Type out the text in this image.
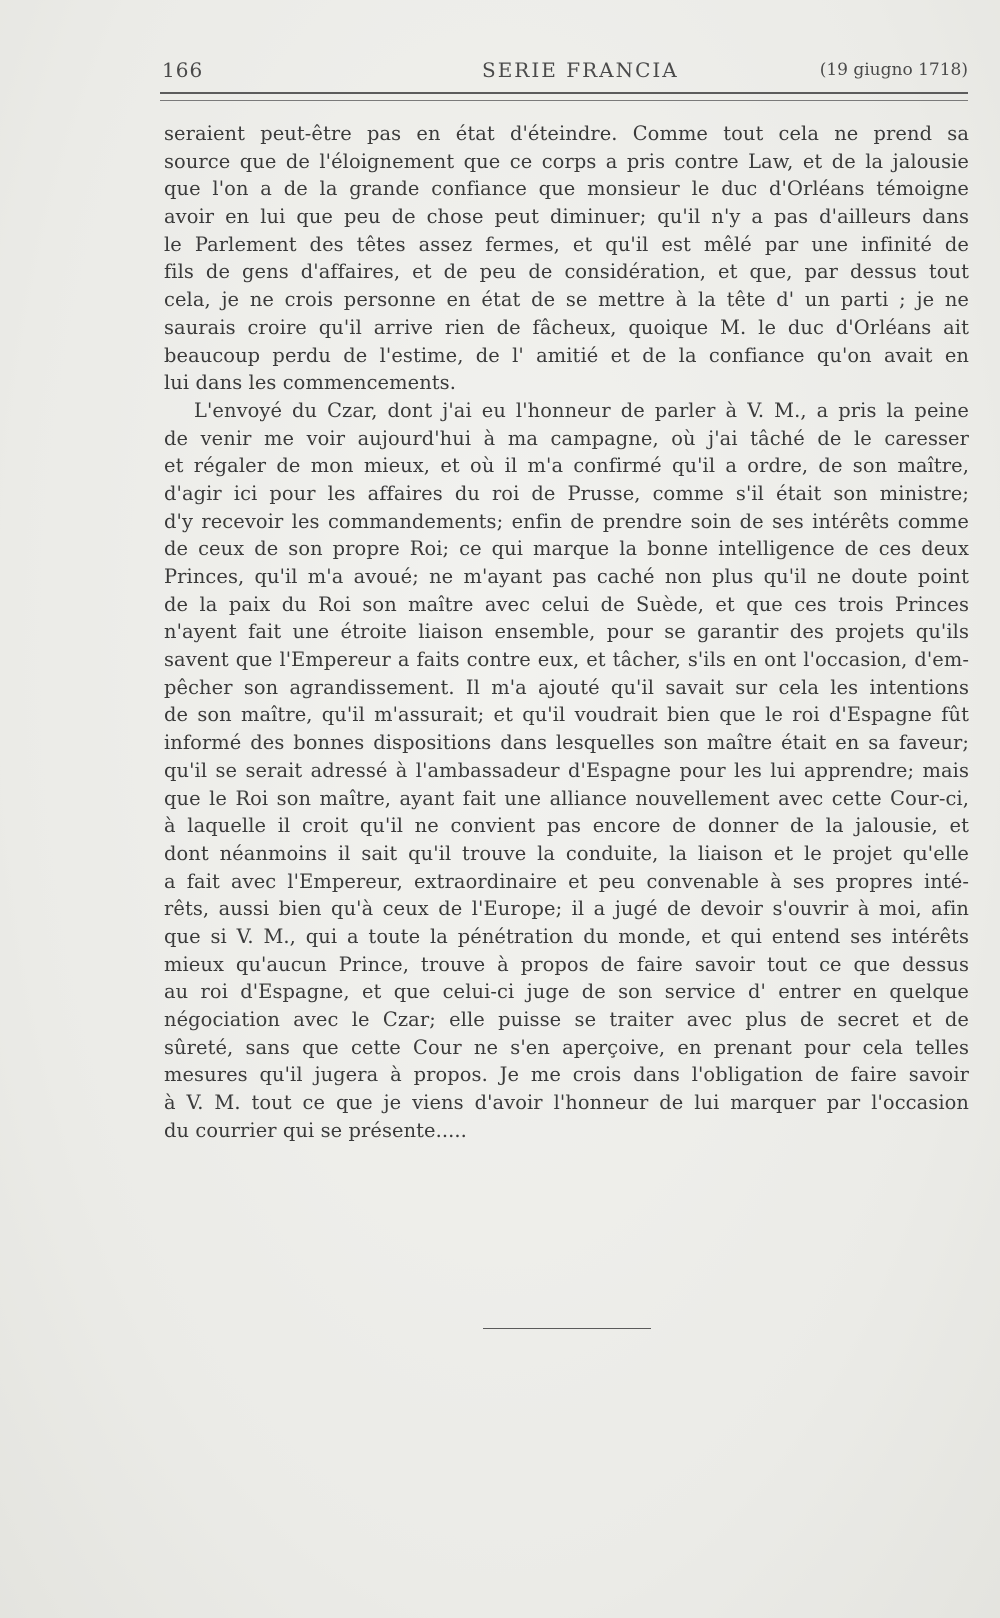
166	SERIE FRANCIA	(19 giugno 1718)
seraient peut-être pas en état d'éteindre. Comme tout cela ne prend sa
source que de l'éloignement que ce corps a pris contre Law, et de la jalousie
que l'on a de la grande confiance que monsieur le duc d'Orléans témoigne
avoir en lui que peu de chose peut diminuer; qu'il n'y a pas d'ailleurs dans
le Parlement des têtes assez fermes, et qu'il est mêlé par une infinité de
fils de gens d'affaires, et de peu de considération, et que, par dessus tout
cela, je ne crois personne en état de se mettre à la tête d' un parti ; je ne
saurais croire qu'il arrive rien de fâcheux, quoique M. le duc d'Orléans ait
beaucoup perdu de l'estime, de l' amitié et de la confiance qu'on avait en
lui dans les commencements.
L'envoyé du Czar, dont j'ai eu l'honneur de parler à V. M., a pris la peine
de venir me voir aujourd'hui à ma campagne, où j'ai tâché de le caresser
et régaler de mon mieux, et où il m'a confirmé qu'il a ordre, de son maître,
d'agir ici pour les affaires du roi de Prusse, comme s'il était son ministre;
d'y recevoir les commandements; enfin de prendre soin de ses intérêts comme
de ceux de son propre Roi; ce qui marque la bonne intelligence de ces deux
Princes, qu'il m'a avoué; ne m'ayant pas caché non plus qu'il ne doute point
de la paix du Roi son maître avec celui de Suède, et que ces trois Princes
n'ayent fait une étroite liaison ensemble, pour se garantir des projets qu'ils
savent que l'Empereur a faits contre eux, et tâcher, s'ils en ont l'occasion, d'em-
pêcher son agrandissement. Il m'a ajouté qu'il savait sur cela les intentions
de son maître, qu'il m'assurait; et qu'il voudrait bien que le roi d'Espagne fût
informé des bonnes dispositions dans lesquelles son maître était en sa faveur;
qu'il se serait adressé à l'ambassadeur d'Espagne pour les lui apprendre; mais
que le Roi son maître, ayant fait une alliance nouvellement avec cette Cour-ci,
à laquelle il croit qu'il ne convient pas encore de donner de la jalousie, et
dont néanmoins il sait qu'il trouve la conduite, la liaison et le projet qu'elle
a fait avec l'Empereur, extraordinaire et peu convenable à ses propres inté-
rêts, aussi bien qu'à ceux de l'Europe; il a jugé de devoir s'ouvrir à moi, afin
que si V. M., qui a toute la pénétration du monde, et qui entend ses intérêts
mieux qu'aucun Prince, trouve à propos de faire savoir tout ce que dessus
au roi d'Espagne, et que celui-ci juge de son service d' entrer en quelque
négociation avec le Czar; elle puisse se traiter avec plus de secret et de
sûreté, sans que cette Cour ne s'en aperçoive, en prenant pour cela telles
mesures qu'il jugera à propos. Je me crois dans l'obligation de faire savoir
à V. M. tout ce que je viens d'avoir l'honneur de lui marquer par l'occasion
du courrier qui se présente.....
